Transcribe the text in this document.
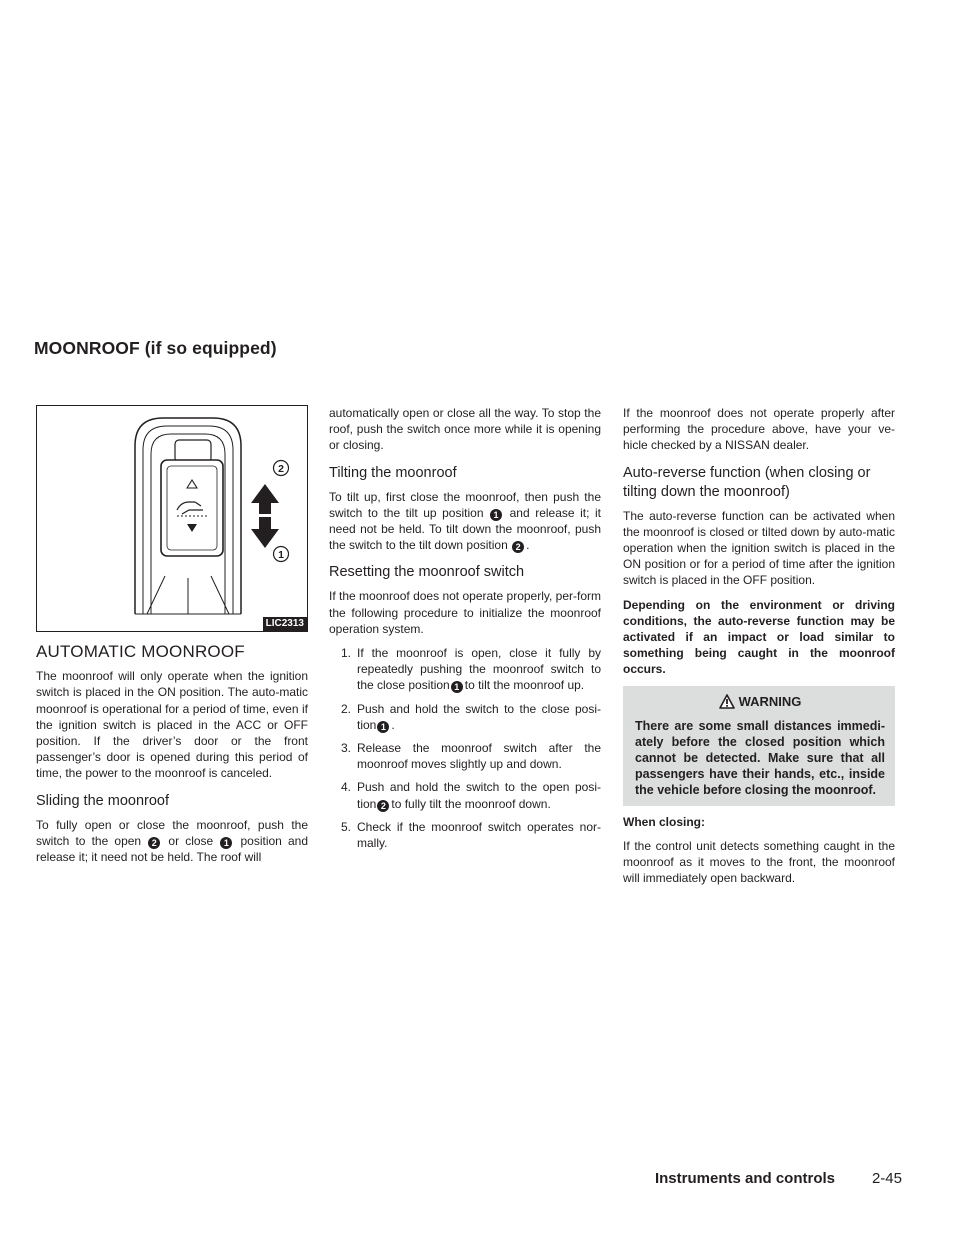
MOONROOF (if so equipped)
2
1
LIC2313
AUTOMATIC MOONROOF

The moonroof will only operate when the ignition switch is placed in the ON position. The auto-matic moonroof is operational for a period of time, even if the ignition switch is placed in the ACC or OFF position. If the driver’s door or the front passenger’s door is opened during this period of time, the power to the moonroof is canceled.

Sliding the moonroof

To fully open or close the moonroof, push the switch to the open 2 or close 1 position and release it; it need not be held. The roof will

automatically open or close all the way. To stop the roof, push the switch once more while it is opening or closing.

Tilting the moonroof

To tilt up, first close the moonroof, then push the switch to the tilt up position 1 and release it; it need not be held. To tilt down the moonroof, push the switch to the tilt down position 2 .

Resetting the moonroof switch

If the moonroof does not operate properly, per-form the following procedure to initialize the moonroof operation system.

1. If the moonroof is open, close it fully by repeatedly pushing the moonroof switch to the close position 1 to tilt the moonroof up.
2. Push and hold the switch to the close posi-tion 1 .
3. Release the moonroof switch after the moonroof moves slightly up and down.
4. Push and hold the switch to the open posi-tion 2 to fully tilt the moonroof down.
5. Check if the moonroof switch operates nor-mally.

If the moonroof does not operate properly after performing the procedure above, have your ve-hicle checked by a NISSAN dealer.

Auto-reverse function (when closing or tilting down the moonroof)

The auto-reverse function can be activated when the moonroof is closed or tilted down by auto-matic operation when the ignition switch is placed in the ON position or for a period of time after the ignition switch is placed in the OFF position.

Depending on the environment or driving conditions, the auto-reverse function may be activated if an impact or load similar to something being caught in the moonroof occurs.

WARNING
There are some small distances immedi-ately before the closed position which cannot be detected. Make sure that all passengers have their hands, etc., inside the vehicle before closing the moonroof.

When closing:

If the control unit detects something caught in the moonroof as it moves to the front, the moonroof will immediately open backward.

Instruments and controls 2-45
